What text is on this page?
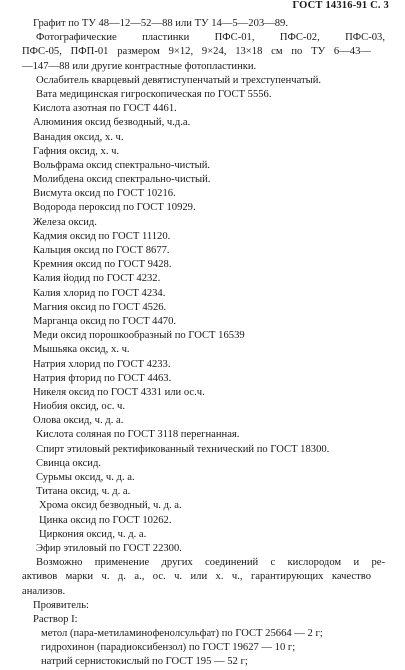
ГОСТ 14316-91 С. 3
Графит по ТУ 48—12—52—88 или ТУ 14—5—203—89.
Фотографические пластинки ПФС-01, ПФС-02, ПФС-03,
ПФС-05, ПФП-01 размером 9×12, 9×24, 13×18 см по ТУ 6—43—
—147—88 или другие контрастные фотопластинки.
Ослабитель кварцевый девятиступенчатый и трехступенчатый.
Вата медицинская гигроскопическая по ГОСТ 5556.
Кислота азотная по ГОСТ 4461.
Алюминия оксид безводный, ч.д.а.
Ванадия оксид, х. ч.
Гафния оксид, х. ч.
Вольфрама оксид спектрально-чистый.
Молибдена оксид спектрально-чистый.
Висмута оксид по ГОСТ 10216.
Водорода пероксид по ГОСТ 10929.
Железа оксид.
Кадмия оксид по ГОСТ 11120.
Кальция оксид по ГОСТ 8677.
Кремния оксид по ГОСТ 9428.
Калия йодид по ГОСТ 4232.
Калия хлорид по ГОСТ 4234.
Магния оксид по ГОСТ 4526.
Марганца оксид по ГОСТ 4470.
Меди оксид порошкообразный по ГОСТ 16539
Мышьяка оксид, х. ч.
Натрия хлорид по ГОСТ 4233.
Натрия фторид по ГОСТ 4463.
Никеля оксид по ГОСТ 4331 или ос.ч.
Ниобия оксид, ос. ч.
Олова оксид, ч. д. а.
Кислота соляная по ГОСТ 3118 перегнанная.
Спирт этиловый ректификованный технический по ГОСТ 18300.
Свинца оксид.
Сурьмы оксид, ч. д. а.
Титана оксид, ч. д. а.
Хрома оксид безводный, ч. д. а.
Цинка оксид по ГОСТ 10262.
Циркония оксид, ч. д. а.
Эфир этиловый по ГОСТ 22300.
Возможно применение других соединений с кислородом и ре-
активов марки ч. д. а., ос. ч. или х. ч., гарантирующих качество
анализов.
Проявитель:
Раствор I:
метол (пара-метиламинофенолсульфат) по ГОСТ 25664 — 2 г;
гидрохинон (парадиоксибензол) по ГОСТ 19627 — 10 г;
натрий сернистокислый по ГОСТ 195 — 52 г;
